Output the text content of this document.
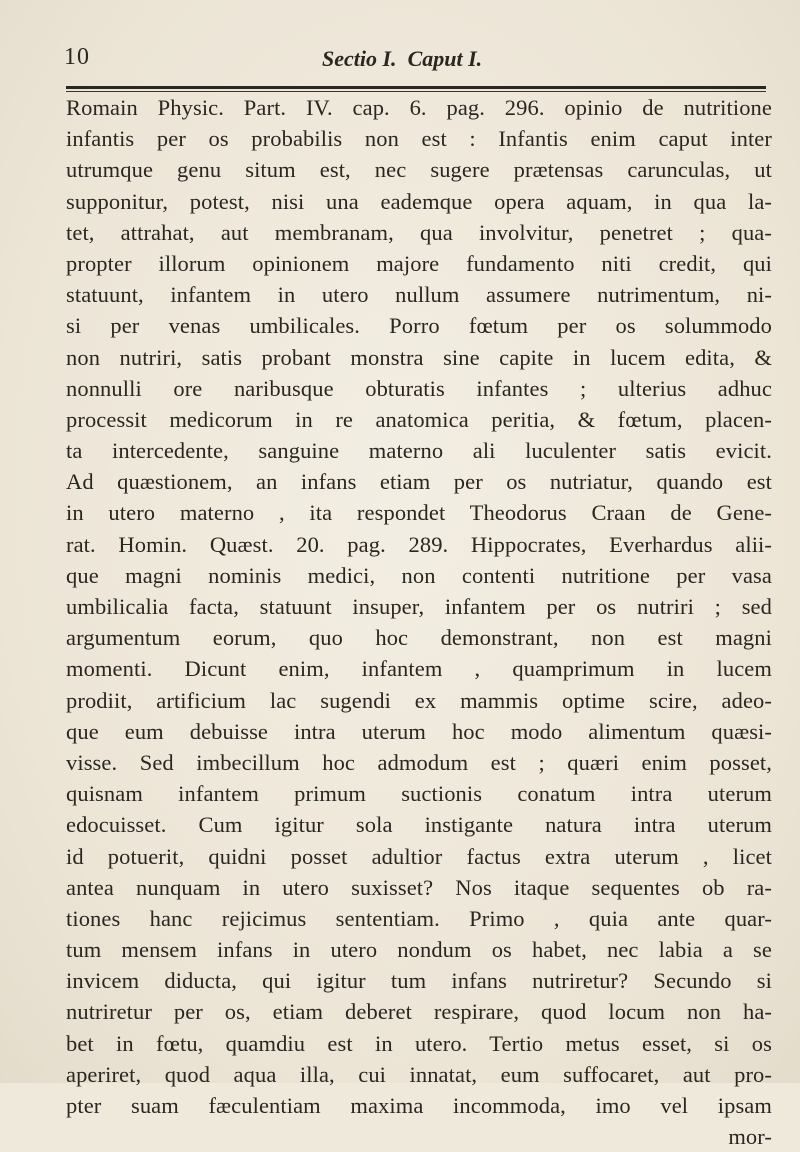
10	Sectio I. Caput I.
Romain Physic. Part. IV. cap. 6. pag. 296. opinio de nutritione
infantis per os probabilis non est : Infantis enim caput inter
utrumque genu situm est, nec sugere prætensas carunculas, ut
supponitur, potest, nisi una eademque opera aquam, in qua la-
tet, attrahat, aut membranam, qua involvitur, penetret ; qua-
propter illorum opinionem majore fundamento niti credit, qui
statuunt, infantem in utero nullum assumere nutrimentum, ni-
si per venas umbilicales. Porro fœtum per os solummodo
non nutriri, satis probant monstra sine capite in lucem edita, &
nonnulli ore naribusque obturatis infantes ; ulterius adhuc
processit medicorum in re anatomica peritia, & fœtum, placen-
ta intercedente, sanguine materno ali luculenter satis evicit.
Ad quæstionem, an infans etiam per os nutriatur, quando est
in utero materno , ita respondet Theodorus Craan de Gene-
rat. Homin. Quæst. 20. pag. 289. Hippocrates, Everhardus alii-
que magni nominis medici, non contenti nutritione per vasa
umbilicalia facta, statuunt insuper, infantem per os nutriri ; sed
argumentum eorum, quo hoc demonstrant, non est magni
momenti. Dicunt enim, infantem , quamprimum in lucem
prodiit, artificium lac sugendi ex mammis optime scire, adeo-
que eum debuisse intra uterum hoc modo alimentum quæsi-
visse. Sed imbecillum hoc admodum est ; quæri enim posset,
quisnam infantem primum suctionis conatum intra uterum
edocuisset. Cum igitur sola instigante natura intra uterum
id potuerit, quidni posset adultior factus extra uterum , licet
antea nunquam in utero suxisset? Nos itaque sequentes ob ra-
tiones hanc rejicimus sententiam. Primo , quia ante quar-
tum mensem infans in utero nondum os habet, nec labia a se
invicem diducta, qui igitur tum infans nutriretur? Secundo si
nutriretur per os, etiam deberet respirare, quod locum non ha-
bet in fœtu, quamdiu est in utero. Tertio metus esset, si os
aperiret, quod aqua illa, cui innatat, eum suffocaret, aut pro-
pter suam fæculentiam maxima incommoda, imo vel ipsam
mor-
